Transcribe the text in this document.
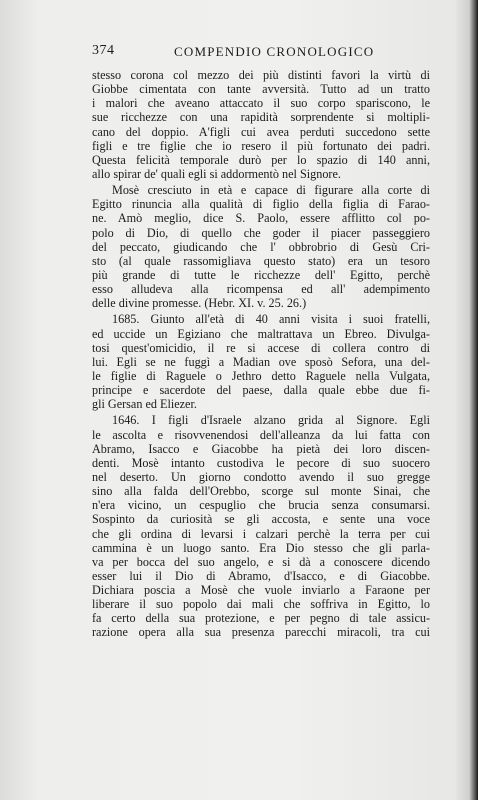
374	COMPENDIO CRONOLOGICO
stesso corona col mezzo dei più distinti favori la virtù di
Giobbe cimentata con tante avversità. Tutto ad un tratto
i malori che aveano attaccato il suo corpo spariscono, le
sue ricchezze con una rapidità sorprendente si moltipli-
cano del doppio. A'figli cui avea perduti succedono sette
figli e tre figlie che io resero il più fortunato dei padri.
Questa felicità temporale durò per lo spazio di 140 anni,
allo spirar de' quali egli si addormentò nel Signore.
Mosè cresciuto in età e capace di figurare alla corte di
Egitto rinuncia alla qualità di figlio della figlia di Farao-
ne. Amò meglio, dice S. Paolo, essere afflitto col po-
polo di Dio, di quello che goder il piacer passeggiero
del peccato, giudicando che l' obbrobrio di Gesù Cri-
sto (al quale rassomigliava questo stato) era un tesoro
più grande di tutte le ricchezze dell' Egitto, perchè
esso alludeva alla ricompensa ed all' adempimento
delle divine promesse. (Hebr. XI. v. 25. 26.)
1685. Giunto all'età di 40 anni visita i suoi fratelli,
ed uccide un Egiziano che maltrattava un Ebreo. Divulga-
tosi quest'omicidio, il re si accese di collera contro di
lui. Egli se ne fuggì a Madian ove sposò Sefora, una del-
le figlie di Raguele o Jethro detto Raguele nella Vulgata,
principe e sacerdote del paese, dalla quale ebbe due fi-
gli Gersan ed Eliezer.
1646. I figli d'Israele alzano grida al Signore. Egli
le ascolta e risovvenendosi dell'alleanza da lui fatta con
Abramo, Isacco e Giacobbe ha pietà dei loro discen-
denti. Mosè intanto custodiva le pecore di suo suocero
nel deserto. Un giorno condotto avendo il suo gregge
sino alla falda dell'Orebbo, scorge sul monte Sinai, che
n'era vicino, un cespuglio che brucia senza consumarsi.
Sospinto da curiosità se gli accosta, e sente una voce
che gli ordina di levarsi i calzari perchè la terra per cui
cammina è un luogo santo. Era Dio stesso che gli parla-
va per bocca del suo angelo, e si dà a conoscere dicendo
esser lui il Dio di Abramo, d'Isacco, e di Giacobbe.
Dichiara poscia a Mosè che vuole inviarlo a Faraone per
liberare il suo popolo dai mali che soffriva in Egitto, lo
fa certo della sua protezione, e per pegno di tale assicu-
razione opera alla sua presenza parecchi miracoli, tra cui
